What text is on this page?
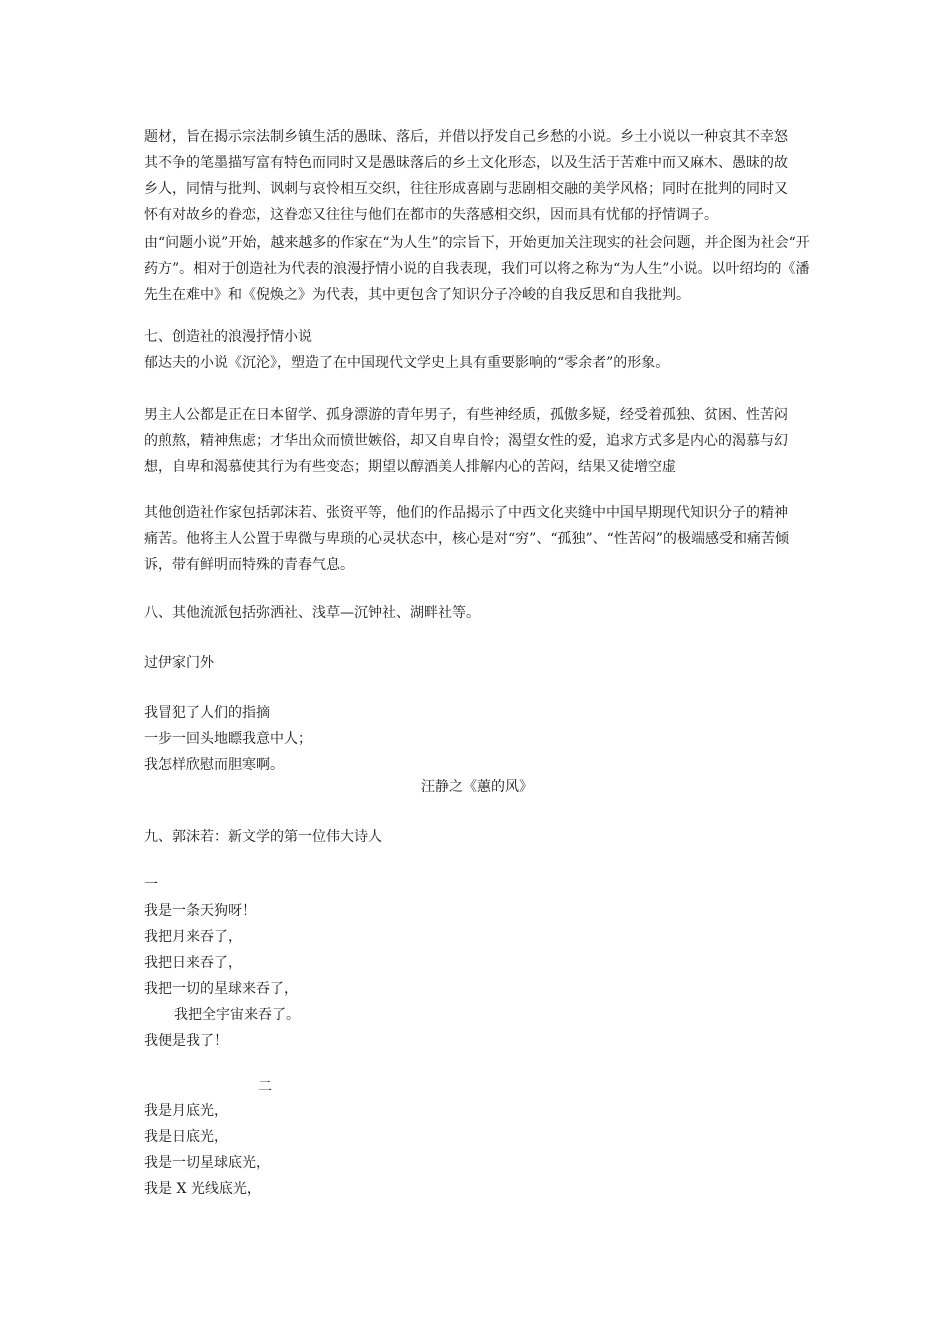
题材，旨在揭示宗法制乡镇生活的愚昧、落后，并借以抒发自己乡愁的小说。乡土小说以一种哀其不幸怒
其不争的笔墨描写富有特色而同时又是愚昧落后的乡土文化形态，以及生活于苦难中而又麻木、愚昧的故
乡人，同情与批判、讽刺与哀怜相互交织，往往形成喜剧与悲剧相交融的美学风格；同时在批判的同时又
怀有对故乡的眷恋，这眷恋又往往与他们在都市的失落感相交织，因而具有忧郁的抒情调子。
由“问题小说”开始，越来越多的作家在“为人生”的宗旨下，开始更加关注现实的社会问题，并企图为社会“开
药方”。相对于创造社为代表的浪漫抒情小说的自我表现，我们可以将之称为“为人生”小说。以叶绍均的《潘
先生在难中》和《倪焕之》为代表，其中更包含了知识分子冷峻的自我反思和自我批判。
七、创造社的浪漫抒情小说
郁达夫的小说《沉沦》，塑造了在中国现代文学史上具有重要影响的“零余者”的形象。
男主人公都是正在日本留学、孤身漂游的青年男子，有些神经质，孤傲多疑，经受着孤独、贫困、性苦闷
的煎熬，精神焦虑；才华出众而愤世嫉俗，却又自卑自怜；渴望女性的爱，追求方式多是内心的渴慕与幻
想，自卑和渴慕使其行为有些变态；期望以醇酒美人排解内心的苦闷，结果又徒增空虚
其他创造社作家包括郭沫若、张资平等，他们的作品揭示了中西文化夹缝中中国早期现代知识分子的精神
痛苦。他将主人公置于卑微与卑琐的心灵状态中，核心是对“穷”、“孤独”、“性苦闷”的极端感受和痛苦倾
诉，带有鲜明而特殊的青春气息。
八、其他流派包括弥洒社、浅草—沉钟社、湖畔社等。
过伊家门外
我冒犯了人们的指摘
一步一回头地瞟我意中人；
我怎样欣慰而胆寒啊。
汪静之《蕙的风》
九、郭沫若：新文学的第一位伟大诗人
一
我是一条天狗呀！
我把月来吞了，
我把日来吞了，
我把一切的星球来吞了，
我把全宇宙来吞了。
我便是我了！
二
我是月底光，
我是日底光，
我是一切星球底光，
我是 X 光线底光，
